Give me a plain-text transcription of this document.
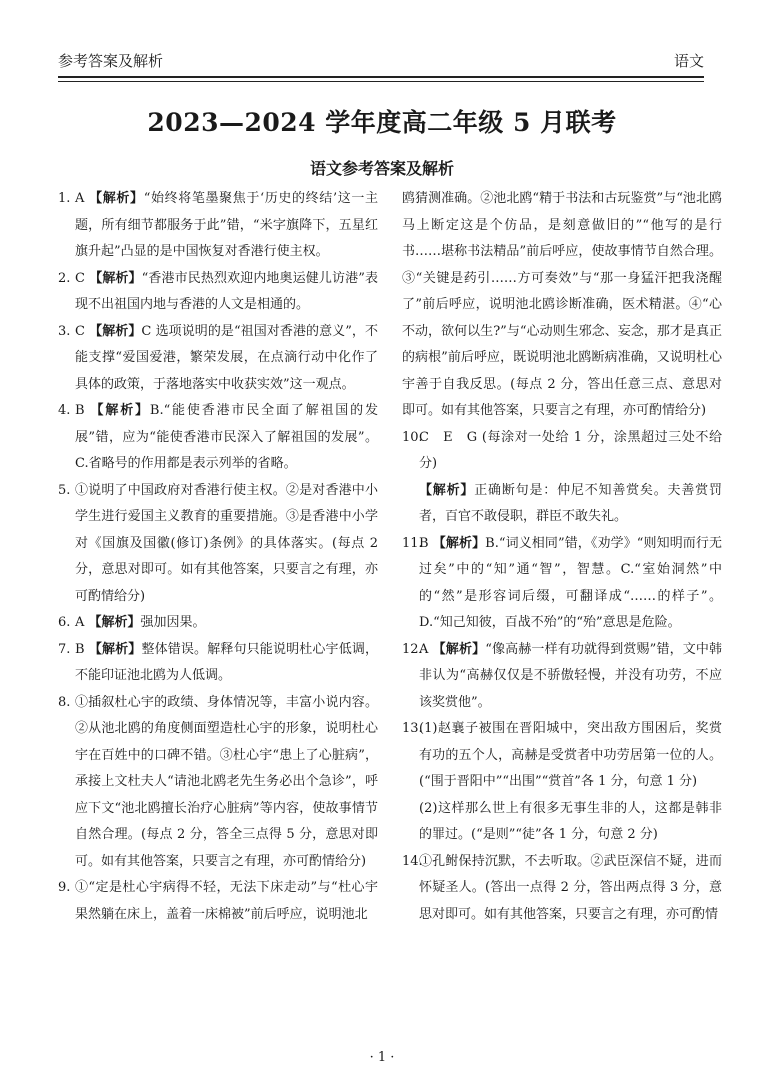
参考答案及解析	语文
2023—2024 学年度高二年级 5 月联考
语文参考答案及解析
1. A 【解析】“始终将笔墨聚焦于‘历史的终结’这一主题，所有细节都服务于此”错，“米字旗降下，五星红旗升起”凸显的是中国恢复对香港行使主权。
2. C 【解析】“香港市民热烈欢迎内地奥运健儿访港”表现不出祖国内地与香港的人文是相通的。
3. C 【解析】C 选项说明的是“祖国对香港的意义”，不能支撑“爱国爱港，繁荣发展，在点滴行动中化作了具体的政策，于落地落实中收获实效”这一观点。
4. B 【解析】B.“能使香港市民全面了解祖国的发展”错，应为“能使香港市民深入了解祖国的发展”。C.省略号的作用都是表示列举的省略。
5. ①说明了中国政府对香港行使主权。②是对香港中小学生进行爱国主义教育的重要措施。③是香港中小学对《国旗及国徽(修订)条例》的具体落实。(每点 2 分，意思对即可。如有其他答案，只要言之有理，亦可酌情给分)
6. A 【解析】强加因果。
7. B 【解析】整体错误。解释句只能说明杜心宇低调，不能印证池北鸥为人低调。
8. ①插叙杜心宇的政绩、身体情况等，丰富小说内容。②从池北鸥的角度侧面塑造杜心宇的形象，说明杜心宇在百姓中的口碑不错。③杜心宇“患上了心脏病”，承接上文杜夫人“请池北鸥老先生务必出个急诊”，呼应下文“池北鸥擅长治疗心脏病”等内容，使故事情节自然合理。(每点 2 分，答全三点得 5 分，意思对即可。如有其他答案，只要言之有理，亦可酌情给分)
9. ①“定是杜心宇病得不轻，无法下床走动”与“杜心宇果然躺在床上，盖着一床棉被”前后呼应，说明池北
鸥猜测准确。②池北鸥“精于书法和古玩鉴赏”与“池北鸥马上断定这是个仿品，是刻意做旧的”“他写的是行书……堪称书法精品”前后呼应，使故事情节自然合理。③“关键是药引……方可奏效”与“那一身猛汗把我浇醒了”前后呼应，说明池北鸥诊断准确，医术精湛。④“心不动，欲何以生?”与“心动则生邪念、妄念，那才是真正的病根”前后呼应，既说明池北鸥断病准确，又说明杜心宇善于自我反思。(每点 2 分，答出任意三点、意思对即可。如有其他答案，只要言之有理，亦可酌情给分)
10.
C　E　G (每涂对一处给 1 分，涂黑超过三处不给分)
【解析】正确断句是：仲尼不知善赏矣。夫善赏罚者，百官不敢侵职，群臣不敢失礼。
11.
B 【解析】B.“词义相同”错，《劝学》“则知明而行无过矣”中的“知”通“智”，智慧。C.“室始洞然”中的“然”是形容词后缀，可翻译成“……的样子”。D.“知己知彼，百战不殆”的“殆”意思是危险。
12.
A 【解析】“像高赫一样有功就得到赏赐”错，文中韩非认为“高赫仅仅是不骄傲轻慢，并没有功劳，不应该奖赏他”。
13.
(1)赵襄子被围在晋阳城中，突出敌方围困后，奖赏有功的五个人，高赫是受赏者中功劳居第一位的人。(“围于晋阳中”“出围”“赏首”各 1 分，句意 1 分)
(2)这样那么世上有很多无事生非的人，这都是韩非的罪过。(“是则”“徒”各 1 分，句意 2 分)
14.
①孔鲋保持沉默，不去听取。②武臣深信不疑，进而怀疑圣人。(答出一点得 2 分，答出两点得 3 分，意思对即可。如有其他答案，只要言之有理，亦可酌情
· 1 ·
